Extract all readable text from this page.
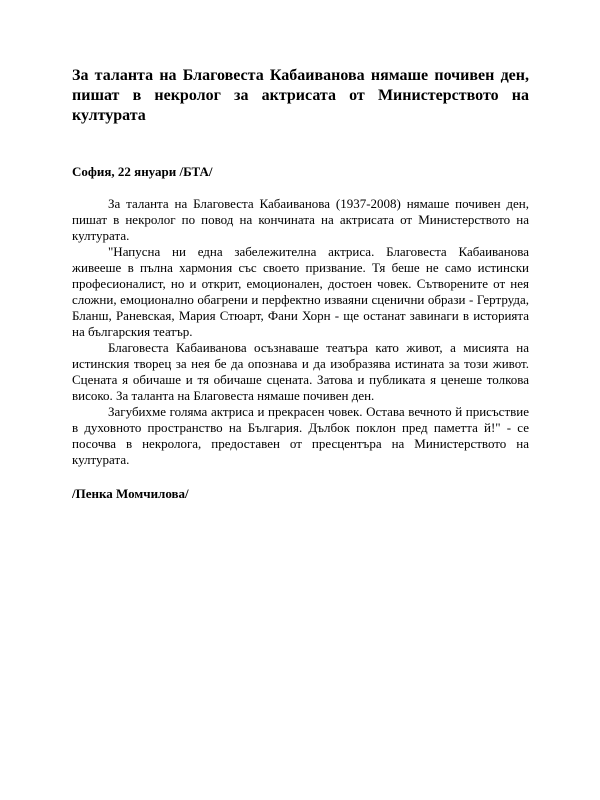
За таланта на Благовеста Кабаиванова нямаше почивен ден, пишат в некролог за актрисата от Министерството на културата

София, 22 януари /БТА/

За таланта на Благовеста Кабаиванова (1937-2008) нямаше почивен ден, пишат в некролог по повод на кончината на актрисата от Министерството на културата.

"Напусна ни една забележителна актриса. Благовеста Кабаиванова живееше в пълна хармония със своето призвание. Тя беше не само истински професионалист, но и открит, емоционален, достоен човек. Сътворените от нея сложни, емоционално обагрени и перфектно изваяни сценични образи - Гертруда, Бланш, Раневская, Мария Стюарт, Фани Хорн - ще останат завинаги в историята на българския театър.

Благовеста Кабаиванова осъзнаваше театъра като живот, а мисията на истинския творец за нея бе да опознава и да изобразява истината за този живот. Сцената я обичаше и тя обичаше сцената. Затова и публиката я ценеше толкова високо. За таланта на Благовеста нямаше почивен ден.

Загубихме голяма актриса и прекрасен човек. Остава вечното й присъствие в духовното пространство на България. Дълбок поклон пред паметта й!" - се посочва в некролога, предоставен от пресцентъра на Министерството на културата.

/Пенка Момчилова/
